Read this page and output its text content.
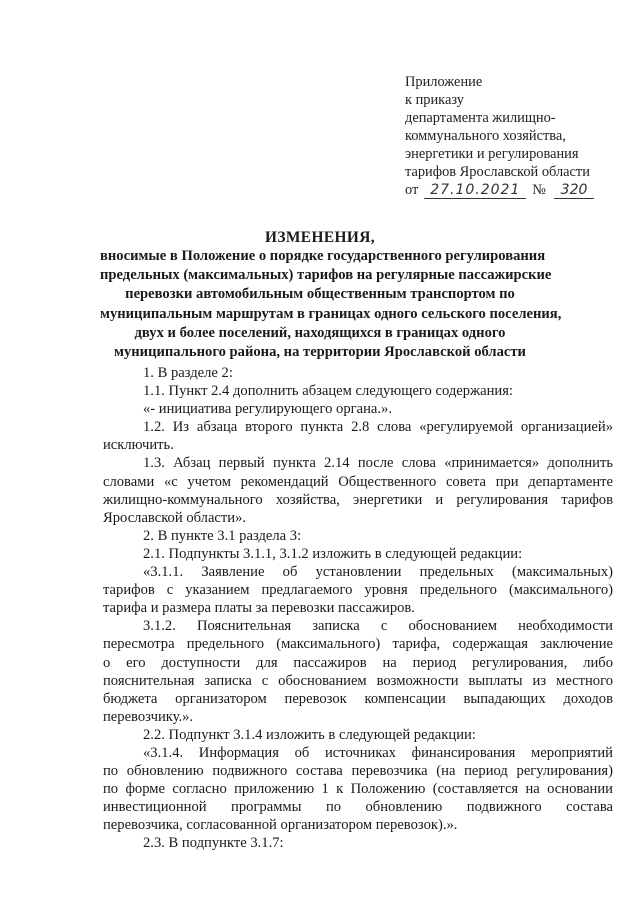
Приложение
к приказу
департамента жилищно-
коммунального хозяйства,
энергетики и регулирования
тарифов Ярославской области
от 27.10.2021 №	320
ИЗМЕНЕНИЯ,
вносимые в Положение о порядке государственного регулирования
предельных (максимальных) тарифов на регулярные пассажирские
перевозки автомобильным общественным транспортом по
муниципальным маршрутам в границах одного сельского поселения,
двух и более поселений, находящихся в границах одного
муниципального района, на территории Ярославской области
1. В разделе 2:
1.1. Пункт 2.4 дополнить абзацем следующего содержания:
«- инициатива регулирующего органа.».
1.2. Из абзаца второго пункта 2.8 слова «регулируемой организацией»
исключить.
1.3. Абзац первый пункта 2.14 после слова «принимается» дополнить
словами «с учетом рекомендаций Общественного совета при департаменте
жилищно-коммунального хозяйства, энергетики и регулирования тарифов
Ярославской области».
2. В пункте 3.1 раздела 3:
2.1. Подпункты 3.1.1, 3.1.2 изложить в следующей редакции:
«3.1.1. Заявление об установлении предельных (максимальных)
тарифов с указанием предлагаемого уровня предельного (максимального)
тарифа и размера платы за перевозки пассажиров.
3.1.2. Пояснительная записка с обоснованием необходимости
пересмотра предельного (максимального) тарифа, содержащая заключение
о его доступности для пассажиров на период регулирования, либо
пояснительная записка с обоснованием возможности выплаты из местного
бюджета организатором перевозок компенсации выпадающих доходов
перевозчику.».
2.2. Подпункт 3.1.4 изложить в следующей редакции:
«3.1.4. Информация об источниках финансирования мероприятий
по обновлению подвижного состава перевозчика (на период регулирования)
по форме согласно приложению 1 к Положению (составляется на основании
инвестиционной программы по обновлению подвижного состава
перевозчика, согласованной организатором перевозок).».
2.3. В подпункте 3.1.7:
